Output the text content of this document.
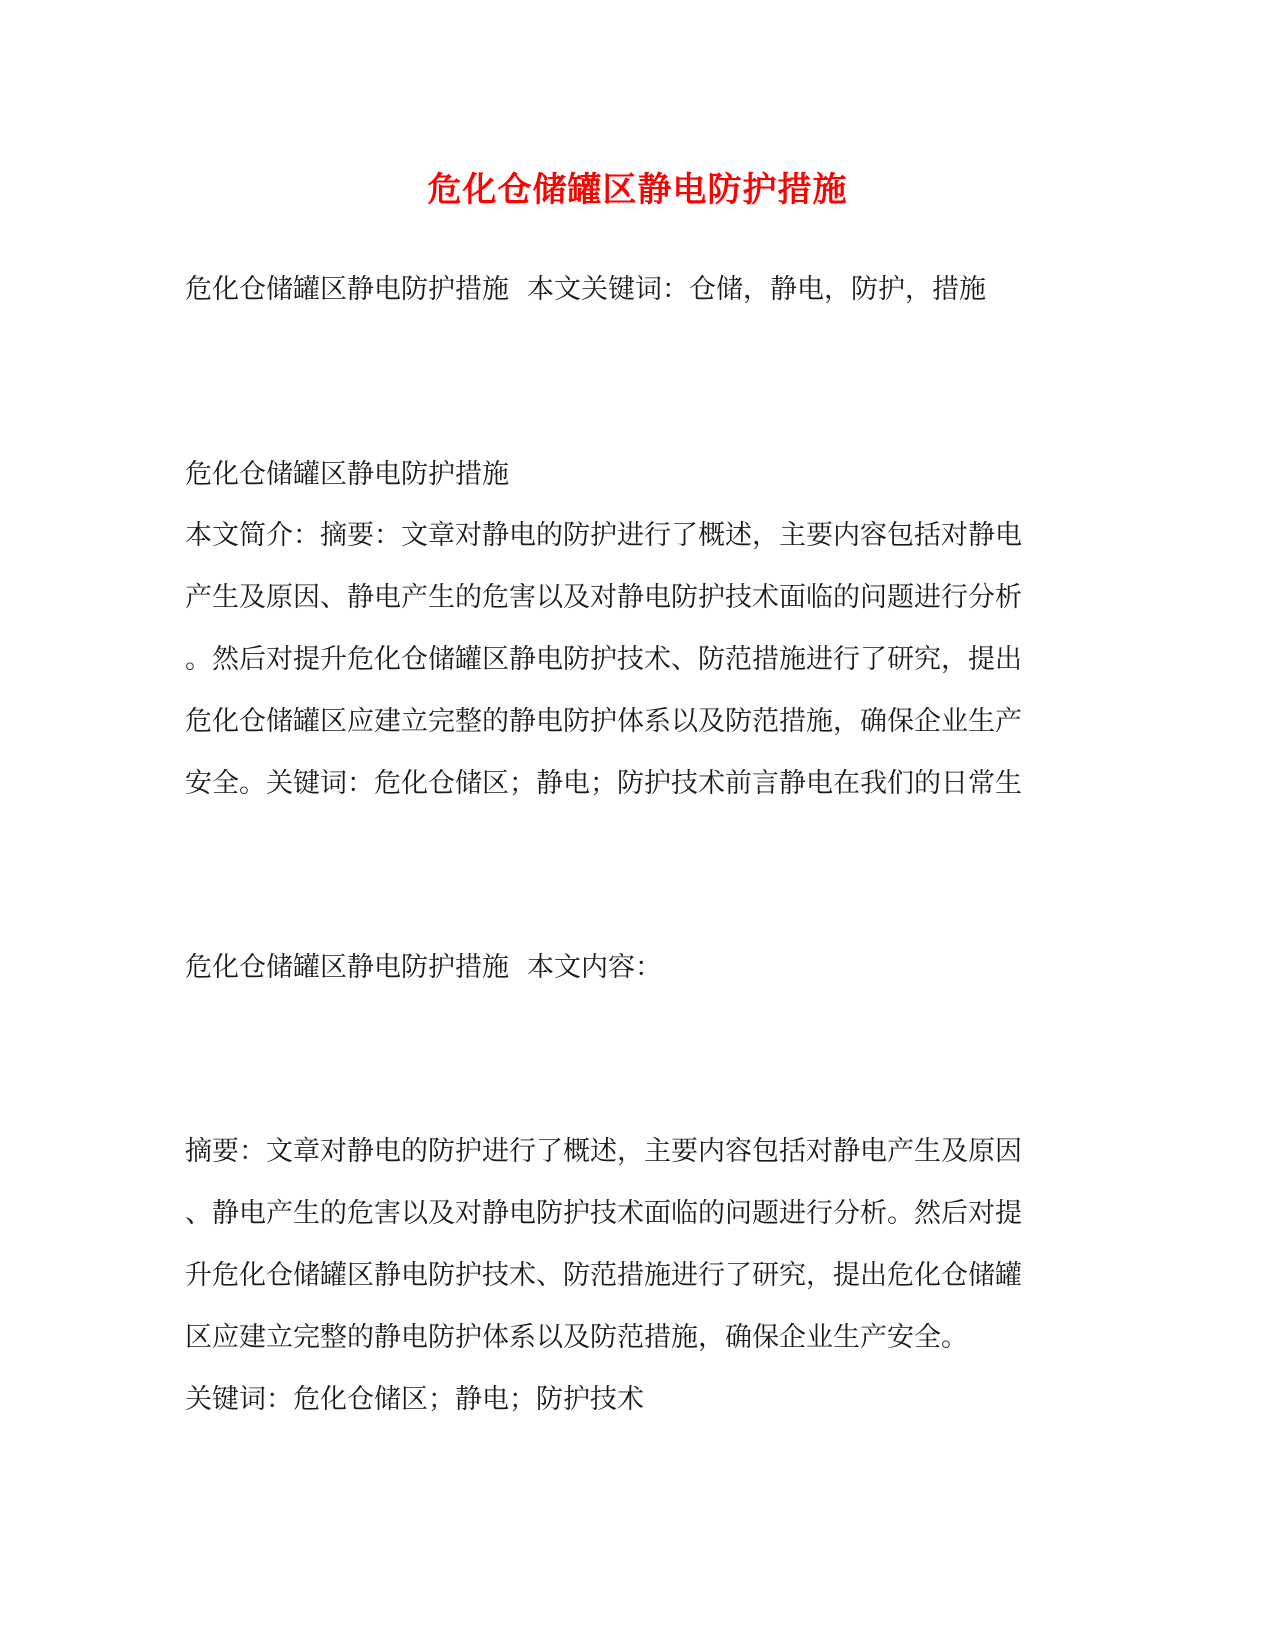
危化仓储罐区静电防护措施
危化仓储罐区静电防护措施 本文关键词：仓储，静电，防护，措施
危化仓储罐区静电防护措施
本文简介：摘要：文章对静电的防护进行了概述，主要内容包括对静电
产生及原因、静电产生的危害以及对静电防护技术面临的问题进行分析
。然后对提升危化仓储罐区静电防护技术、防范措施进行了研究，提出
危化仓储罐区应建立完整的静电防护体系以及防范措施，确保企业生产
安全。关键词：危化仓储区；静电；防护技术前言静电在我们的日常生
危化仓储罐区静电防护措施 本文内容：
摘要：文章对静电的防护进行了概述，主要内容包括对静电产生及原因
、静电产生的危害以及对静电防护技术面临的问题进行分析。然后对提
升危化仓储罐区静电防护技术、防范措施进行了研究，提出危化仓储罐
区应建立完整的静电防护体系以及防范措施，确保企业生产安全。
关键词：危化仓储区；静电；防护技术
